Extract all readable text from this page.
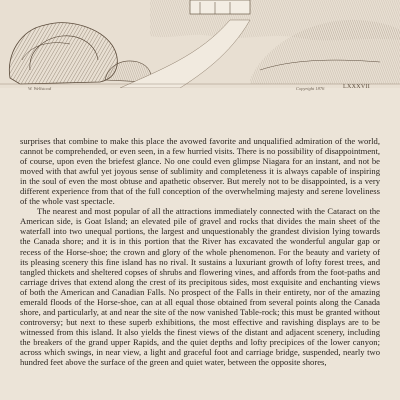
W. Wellstood	Copyright 1876	LXXXVII

surprises that combine to make this place the avowed favorite and unqualified admiration of the world, cannot be comprehended, or even seen, in a few hurried visits. There is no possibility of disappointment, of course, upon even the briefest glance. No one could even glimpse Niagara for an instant, and not be moved with that awful yet joyous sense of sublimity and completeness it is always capable of inspiring in the soul of even the most obtuse and apathetic observer. But merely not to be disappointed, is a very different experience from that of the full conception of the overwhelming majesty and serene loveliness of the whole vast spectacle.

The nearest and most popular of all the attractions immediately connected with the Cataract on the American side, is Goat Island; an elevated pile of gravel and rocks that divides the main sheet of the waterfall into two unequal portions, the largest and unquestionably the grandest division lying towards the Canada shore; and it is in this portion that the River has excavated the wonderful angular gap or recess of the Horse-shoe; the crown and glory of the whole phenomenon. For the beauty and variety of its pleasing scenery this fine island has no rival. It sustains a luxuriant growth of lofty forest trees, and tangled thickets and sheltered copses of shrubs and flowering vines, and affords from the foot-paths and carriage drives that extend along the crest of its precipitous sides, most exquisite and enchanting views of both the American and Canadian Falls. No prospect of the Falls in their entirety, nor of the amazing emerald floods of the Horse-shoe, can at all equal those obtained from several points along the Canada shore, and particularly, at and near the site of the now vanished Table-rock; this must be granted without controversy; but next to these superb exhibitions, the most effective and ravishing displays are to be witnessed from this island. It also yields the finest views of the distant and adjacent scenery, including the breakers of the grand upper Rapids, and the quiet depths and lofty precipices of the lower canyon; across which swings, in near view, a light and graceful foot and carriage bridge, suspended, nearly two hundred feet above the surface of the green and quiet water, between the opposite shores,
